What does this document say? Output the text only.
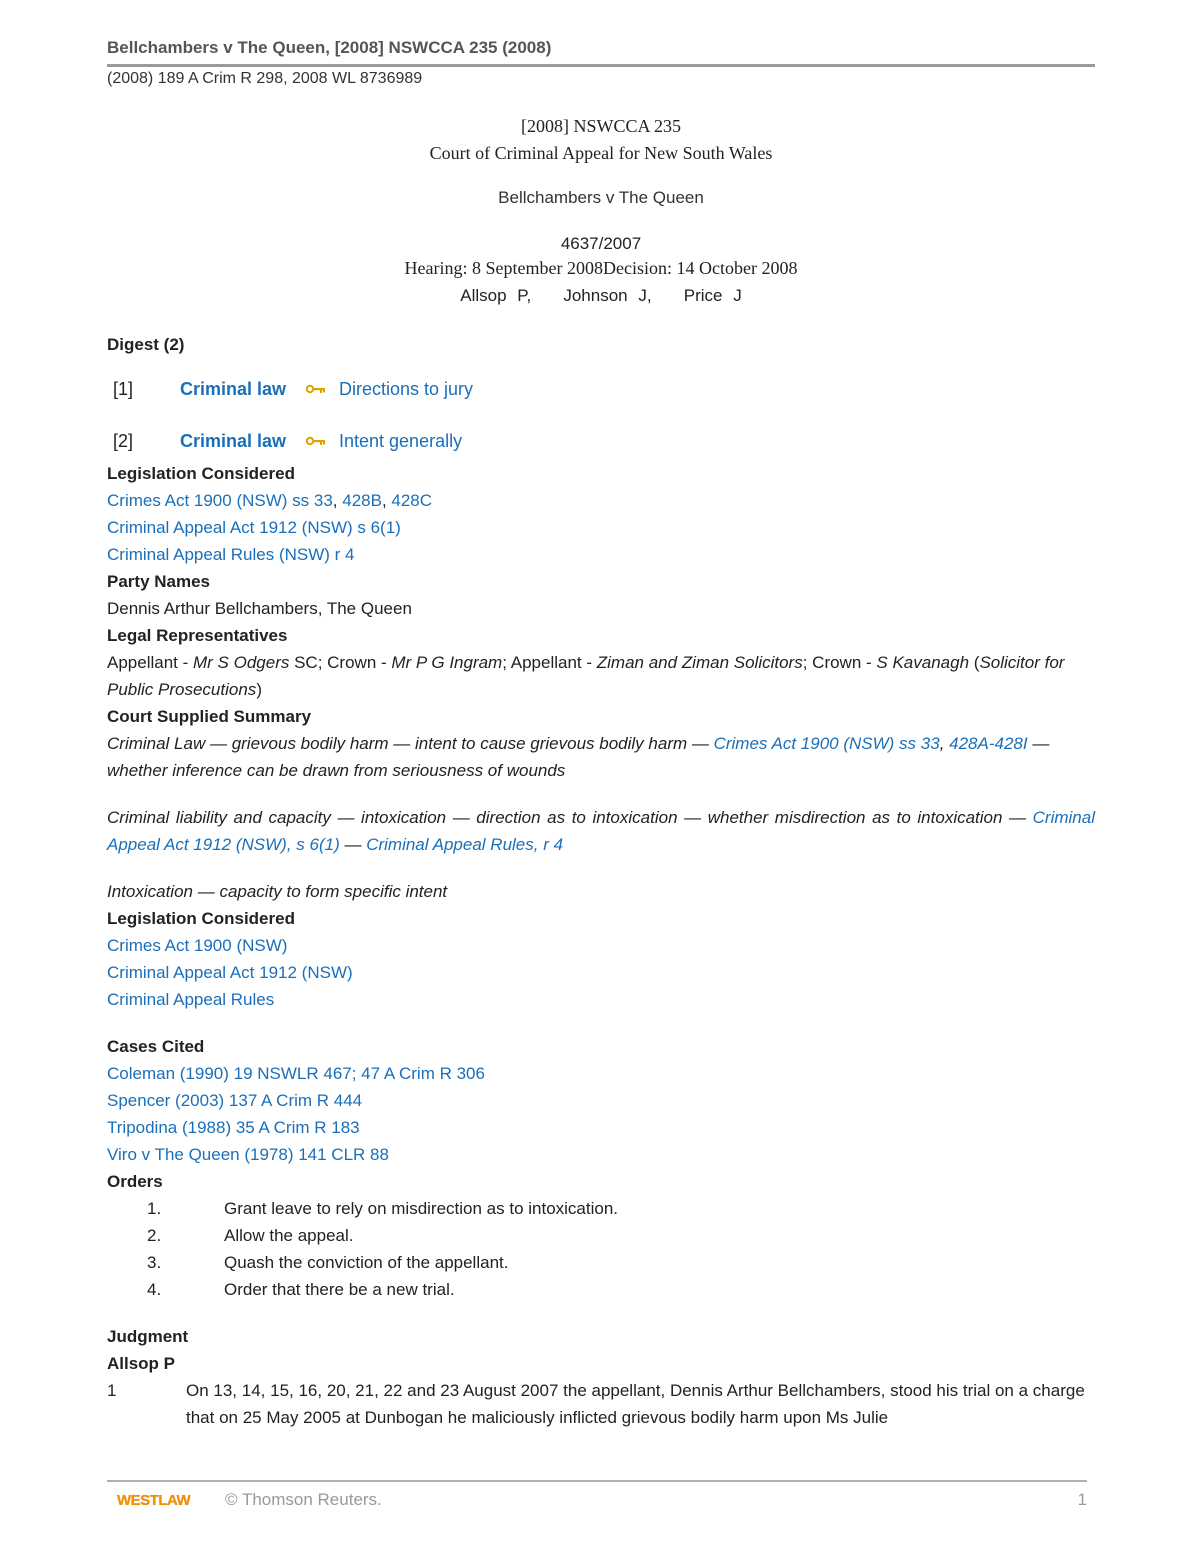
Bellchambers v The Queen, [2008] NSWCCA 235 (2008)
(2008) 189 A Crim R 298, 2008 WL 8736989
[2008] NSWCCA 235
Court of Criminal Appeal for New South Wales
Bellchambers v The Queen
4637/2007
Hearing: 8 September 2008Decision: 14 October 2008
Allsop P, Johnson J, Price J
Digest (2)
[1]	Criminal law	Directions to jury
[2]	Criminal law	Intent generally
Legislation Considered
Crimes Act 1900 (NSW) ss 33, 428B, 428C
Criminal Appeal Act 1912 (NSW) s 6(1)
Criminal Appeal Rules (NSW) r 4
Party Names
Dennis Arthur Bellchambers, The Queen
Legal Representatives
Appellant - Mr S Odgers SC; Crown - Mr P G Ingram; Appellant - Ziman and Ziman Solicitors; Crown - S Kavanagh (Solicitor for Public Prosecutions)
Court Supplied Summary
Criminal Law — grievous bodily harm — intent to cause grievous bodily harm — Crimes Act 1900 (NSW) ss 33, 428A-428I — whether inference can be drawn from seriousness of wounds
Criminal liability and capacity — intoxication — direction as to intoxication — whether misdirection as to intoxication — Criminal Appeal Act 1912 (NSW), s 6(1) — Criminal Appeal Rules, r 4
Intoxication — capacity to form specific intent
Legislation Considered
Crimes Act 1900 (NSW)
Criminal Appeal Act 1912 (NSW)
Criminal Appeal Rules
Cases Cited
Coleman (1990) 19 NSWLR 467; 47 A Crim R 306
Spencer (2003) 137 A Crim R 444
Tripodina (1988) 35 A Crim R 183
Viro v The Queen (1978) 141 CLR 88
Orders
1.	Grant leave to rely on misdirection as to intoxication.
2.	Allow the appeal.
3.	Quash the conviction of the appellant.
4.	Order that there be a new trial.
Judgment
Allsop P
1	On 13, 14, 15, 16, 20, 21, 22 and 23 August 2007 the appellant, Dennis Arthur Bellchambers, stood his trial on a charge that on 25 May 2005 at Dunbogan he maliciously inflicted grievous bodily harm upon Ms Julie
WESTLAW	© Thomson Reuters.	1
